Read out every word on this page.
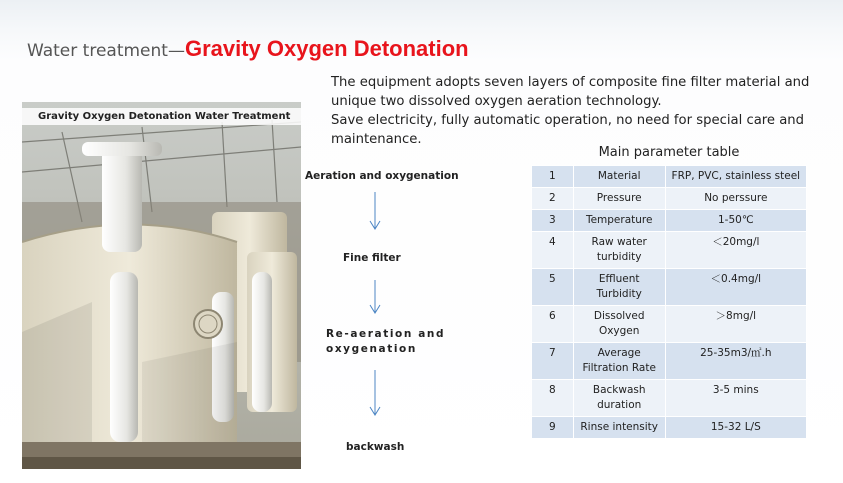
Water treatment—Gravity Oxygen Detonation

The equipment adopts seven layers of composite fine filter material and unique two dissolved oxygen aeration technology.

Save electricity, fully automatic operation, no need for special care and maintenance.

Gravity Oxygen Detonation Water Treatment
Aeration and oxygenation
Fine filter
Re-aeration and oxygenation
backwash
Main parameter table
1	Material	FRP, PVC, stainless steel
2	Pressure	No perssure
3	Temperature	1-50℃
4	Raw water turbidity	＜20mg/l
5	Effluent Turbidity	＜0.4mg/l
6	Dissolved Oxygen	＞8mg/l
7	Average Filtration Rate	25-35m3/㎡.h
8	Backwash duration	3-5 mins
9	Rinse intensity	15-32 L/S
